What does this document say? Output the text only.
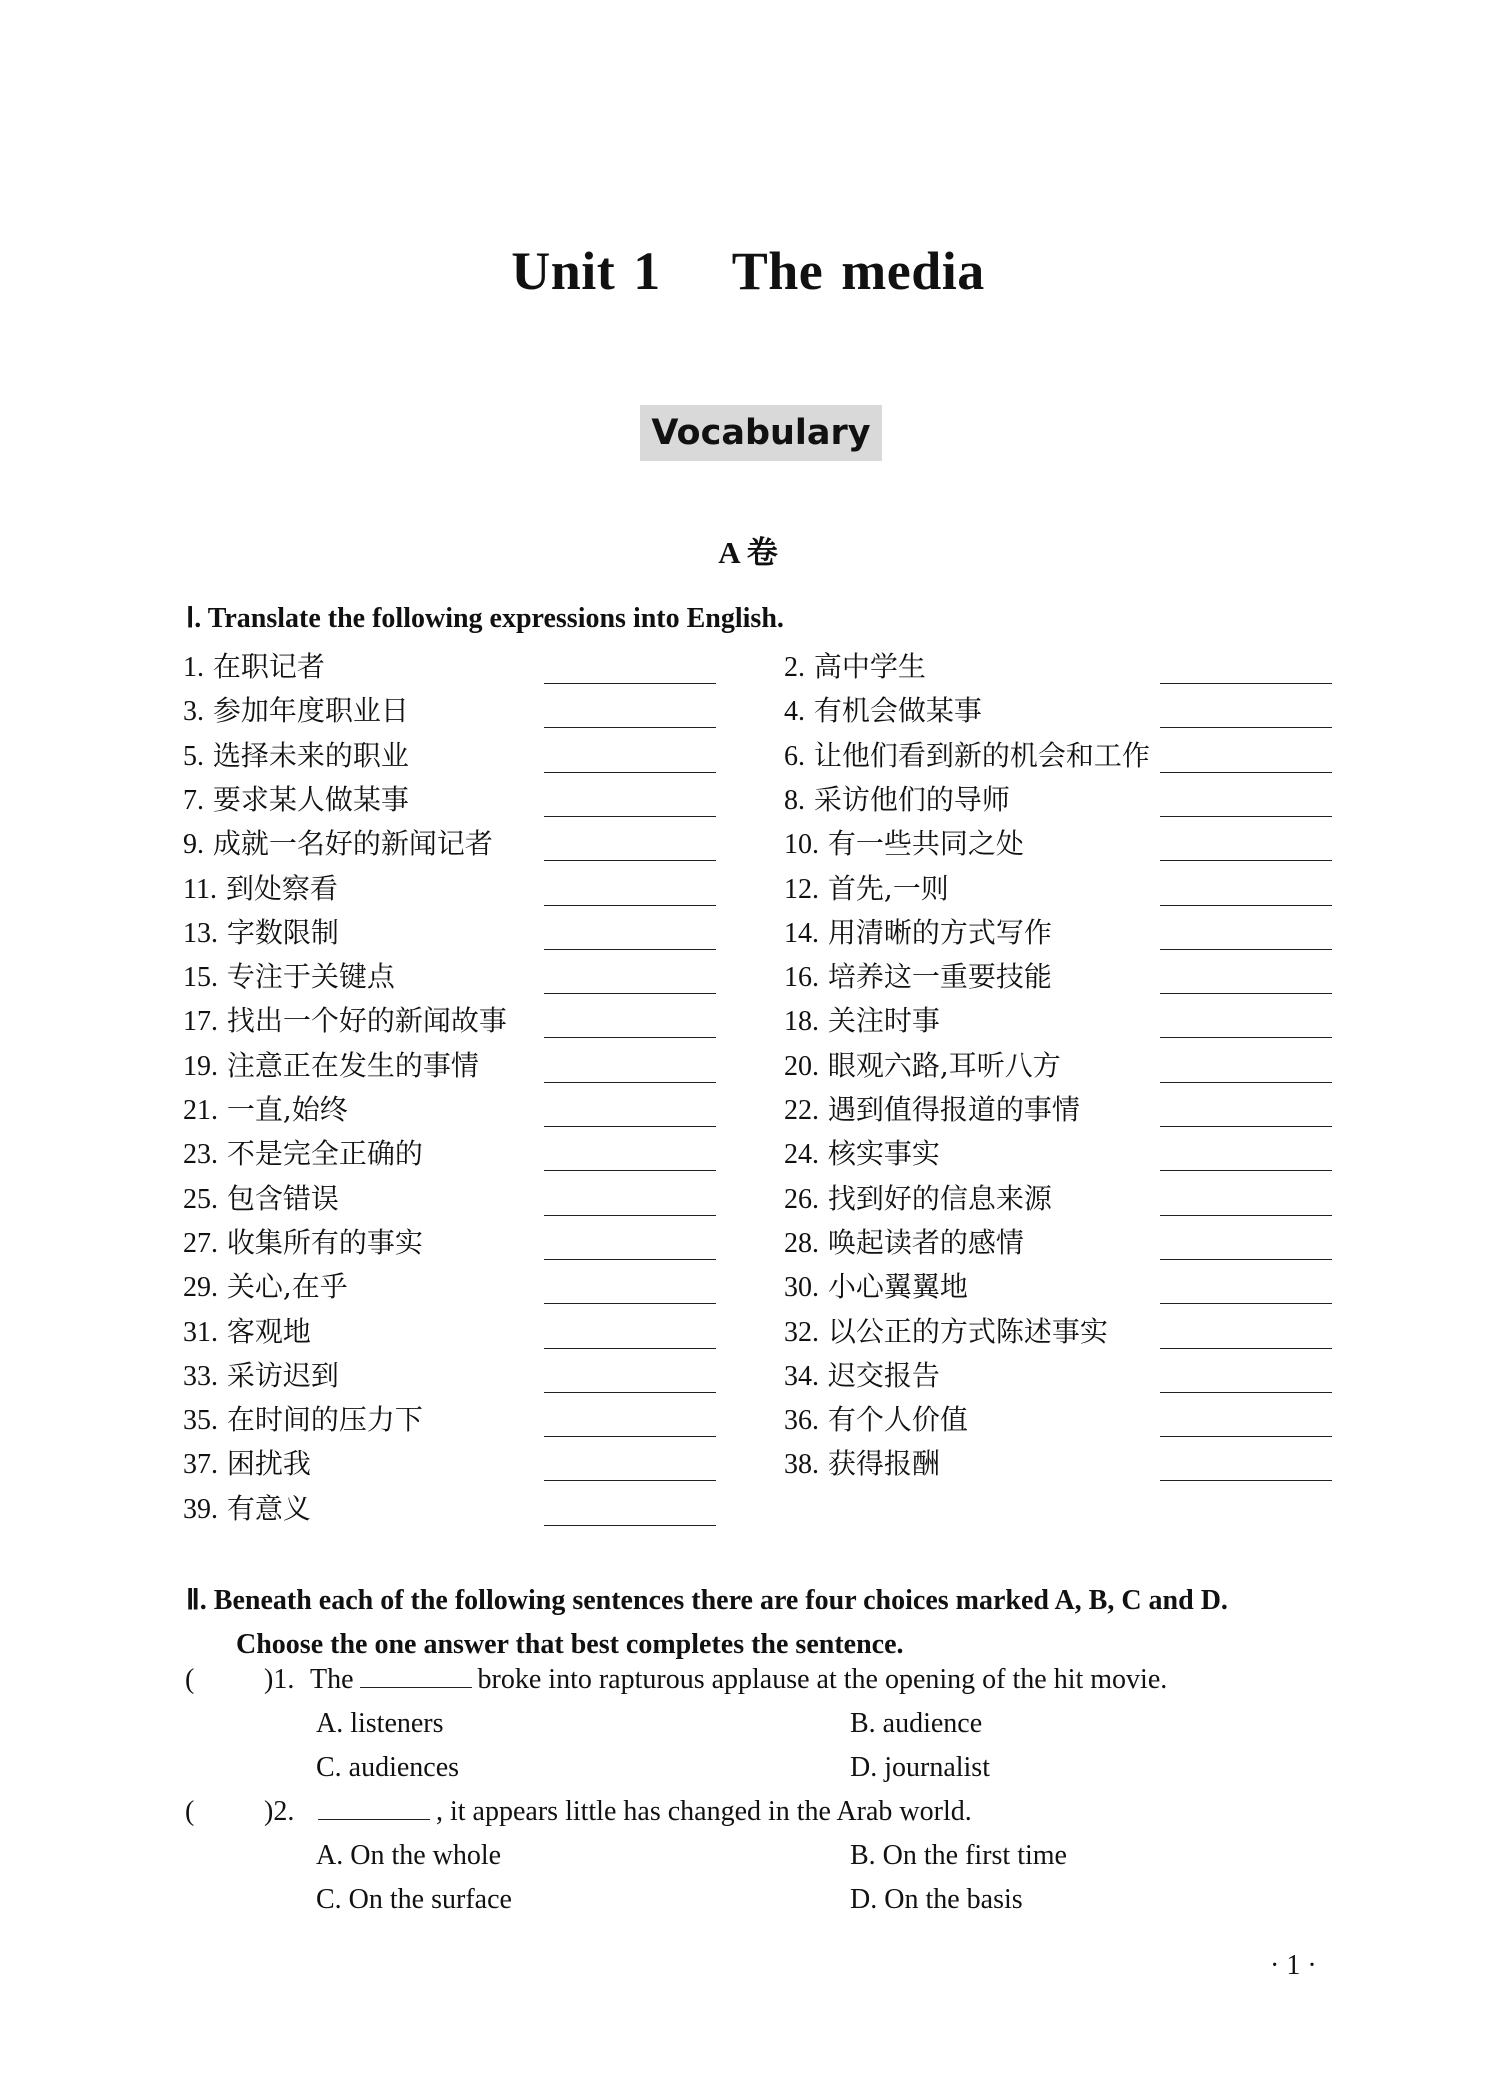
Unit 1    The media
Vocabulary
A 卷
Ⅰ. Translate the following expressions into English.
1. 在职记者	2. 高中学生
3. 参加年度职业日	4. 有机会做某事
5. 选择未来的职业	6. 让他们看到新的机会和工作
7. 要求某人做某事	8. 采访他们的导师
9. 成就一名好的新闻记者	10. 有一些共同之处
11. 到处察看	12. 首先,一则
13. 字数限制	14. 用清晰的方式写作
15. 专注于关键点	16. 培养这一重要技能
17. 找出一个好的新闻故事	18. 关注时事
19. 注意正在发生的事情	20. 眼观六路,耳听八方
21. 一直,始终	22. 遇到值得报道的事情
23. 不是完全正确的	24. 核实事实
25. 包含错误	26. 找到好的信息来源
27. 收集所有的事实	28. 唤起读者的感情
29. 关心,在乎	30. 小心翼翼地
31. 客观地	32. 以公正的方式陈述事实
33. 采访迟到	34. 迟交报告
35. 在时间的压力下	36. 有个人价值
37. 困扰我	38. 获得报酬
39. 有意义
Ⅱ. Beneath each of the following sentences there are four choices marked A, B, C and D.
Choose the one answer that best completes the sentence.
( )1. The	broke into rapturous applause at the opening of the hit movie.
A. listeners	B. audience
C. audiences	D. journalist
( )2.	, it appears little has changed in the Arab world.
A. On the whole	B. On the first time
C. On the surface	D. On the basis
· 1 ·
